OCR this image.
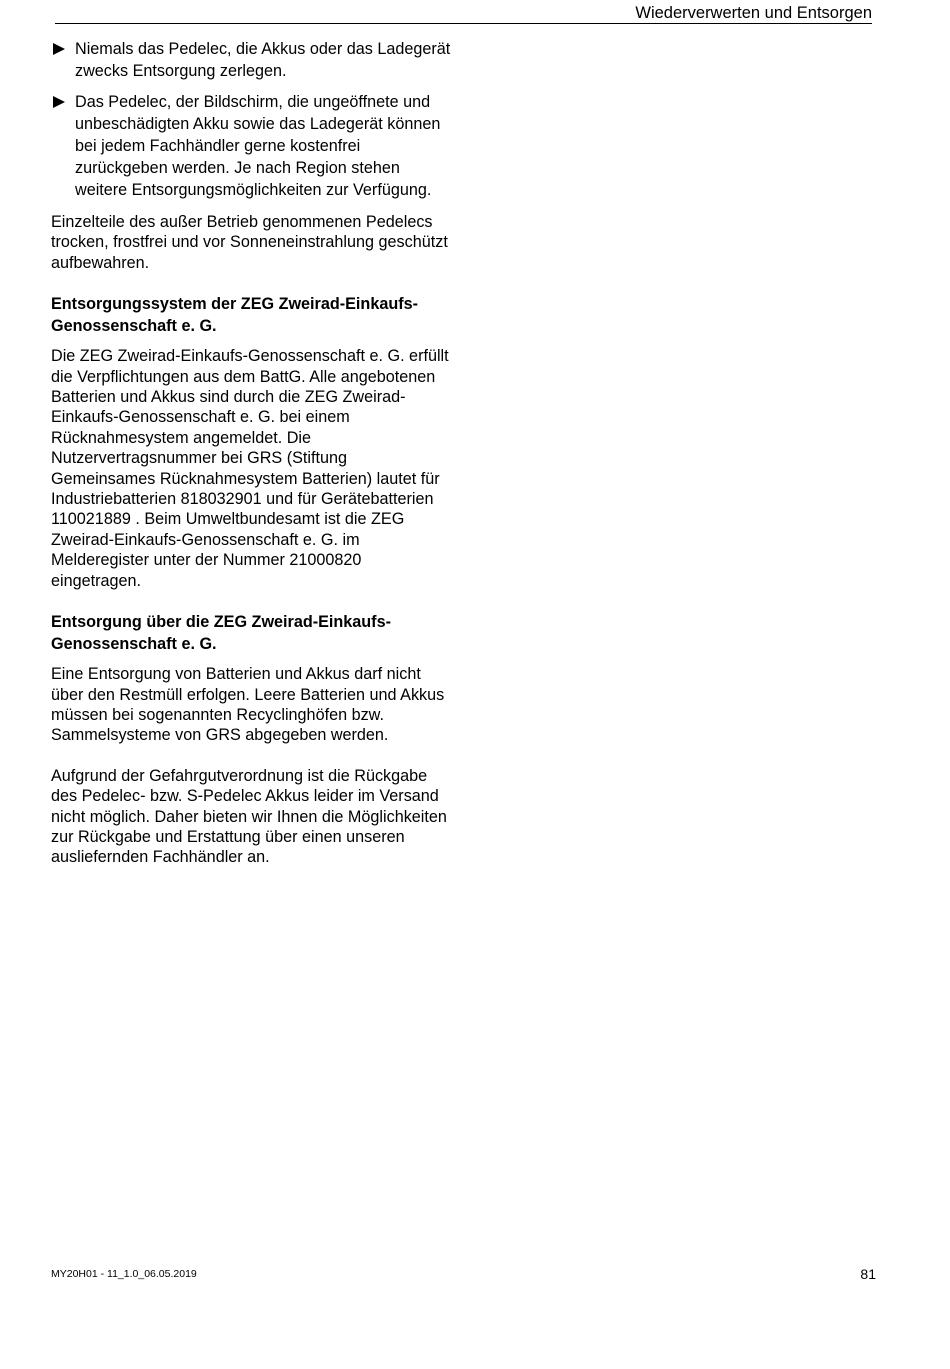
Wiederverwerten und Entsorgen
Niemals das Pedelec, die Akkus oder das Ladegerät zwecks Entsorgung zerlegen.
Das Pedelec, der Bildschirm, die ungeöffnete und unbeschädigten Akku sowie das Ladegerät können bei jedem Fachhändler gerne kostenfrei zurückgeben werden. Je nach Region stehen weitere Entsorgungsmöglichkeiten zur Verfügung.

Einzelteile des außer Betrieb genommenen Pedelecs trocken, frostfrei und vor Sonneneinstrahlung geschützt aufbewahren.

Entsorgungssystem der ZEG Zweirad-Einkaufs-Genossenschaft e. G.

Die ZEG Zweirad-Einkaufs-Genossenschaft e. G. erfüllt die Verpflichtungen aus dem BattG. Alle angebotenen Batterien und Akkus sind durch die ZEG Zweirad-Einkaufs-Genossenschaft e. G. bei einem Rücknahmesystem angemeldet. Die Nutzervertragsnummer bei GRS (Stiftung Gemeinsames Rücknahmesystem Batterien) lautet für Industriebatterien 818032901 und für Gerätebatterien 110021889 . Beim Umweltbundesamt ist die ZEG Zweirad-Einkaufs-Genossenschaft e. G. im Melderegister unter der Nummer 21000820 eingetragen.

Entsorgung über die ZEG Zweirad-Einkaufs-Genossenschaft e. G.

Eine Entsorgung von Batterien und Akkus darf nicht über den Restmüll erfolgen. Leere Batterien und Akkus müssen bei sogenannten Recyclinghöfen bzw. Sammelsysteme von GRS abgegeben werden.

Aufgrund der Gefahrgutverordnung ist die Rückgabe des Pedelec- bzw. S-Pedelec Akkus leider im Versand nicht möglich. Daher bieten wir Ihnen die Möglichkeiten zur Rückgabe und Erstattung über einen unseren ausliefernden Fachhändler an.

MY20H01 - 11_1.0_06.05.2019	81
